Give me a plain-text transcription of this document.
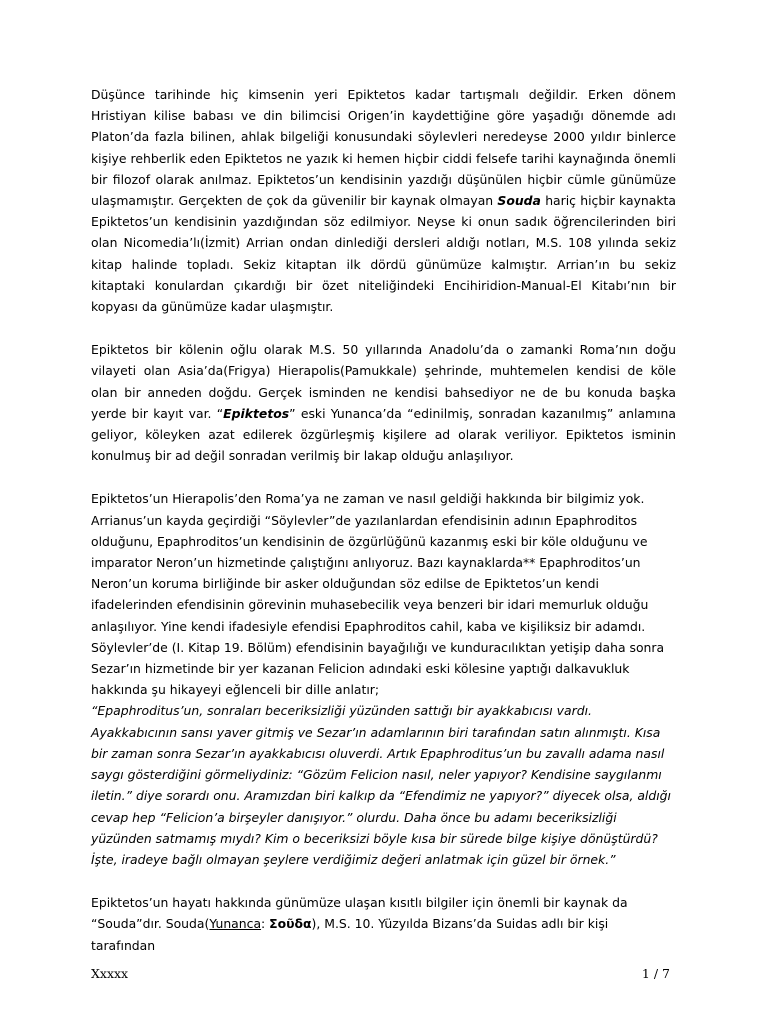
Düşünce tarihinde hiç kimsenin yeri Epiktetos kadar tartışmalı değildir. Erken dönem

Hristiyan kilise babası ve din bilimcisi Origen’in kaydettiğine göre yaşadığı dönemde adı

Platon’da fazla bilinen, ahlak bilgeliği konusundaki söylevleri neredeyse 2000 yıldır binlerce

kişiye rehberlik eden Epiktetos ne yazık ki hemen hiçbir ciddi felsefe tarihi kaynağında önemli

bir filozof olarak anılmaz. Epiktetos’un kendisinin yazdığı düşünülen hiçbir cümle günümüze

ulaşmamıştır. Gerçekten de çok da güvenilir bir kaynak olmayan Souda hariç hiçbir kaynakta

Epiktetos’un kendisinin yazdığından söz edilmiyor. Neyse ki onun sadık öğrencilerinden biri

olan Nicomedia’lı(İzmit) Arrian ondan dinlediği dersleri aldığı notları, M.S. 108 yılında sekiz

kitap halinde topladı. Sekiz kitaptan ilk dördü günümüze kalmıştır. Arrian’ın bu sekiz

kitaptaki konulardan çıkardığı bir özet niteliğindeki Encihiridion-Manual-El Kitabı’nın bir

kopyası da günümüze kadar ulaşmıştır.

Epiktetos bir kölenin oğlu olarak M.S. 50 yıllarında Anadolu’da o zamanki Roma’nın doğu

vilayeti olan Asia’da(Frigya) Hierapolis(Pamukkale) şehrinde, muhtemelen kendisi de köle

olan bir anneden doğdu. Gerçek isminden ne kendisi bahsediyor ne de bu konuda başka

yerde bir kayıt var. “Epiktetos” eski Yunanca’da “edinilmiş, sonradan kazanılmış” anlamına

geliyor, köleyken azat edilerek özgürleşmiş kişilere ad olarak veriliyor. Epiktetos isminin

konulmuş bir ad değil sonradan verilmiş bir lakap olduğu anlaşılıyor.

Epiktetos’un Hierapolis’den Roma’ya ne zaman ve nasıl geldiği hakkında bir bilgimiz yok.

Arrianus’un kayda geçirdiği “Söylevler”de yazılanlardan efendisinin adının Epaphroditos

olduğunu, Epaphroditos’un kendisinin de özgürlüğünü kazanmış eski bir köle olduğunu ve

imparator Neron’un hizmetinde çalıştığını anlıyoruz. Bazı kaynaklarda** Epaphroditos’un

Neron’un koruma birliğinde bir asker olduğundan söz edilse de Epiktetos’un kendi

ifadelerinden efendisinin görevinin muhasebecilik veya benzeri bir idari memurluk olduğu

anlaşılıyor. Yine kendi ifadesiyle efendisi Epaphroditos cahil, kaba ve kişiliksiz bir adamdı.

Söylevler’de (I. Kitap 19. Bölüm) efendisinin bayağılığı ve kunduracılıktan yetişip daha sonra

Sezar’ın hizmetinde bir yer kazanan Felicion adındaki eski kölesine yaptığı dalkavukluk

hakkında şu hikayeyi eğlenceli bir dille anlatır;

“Epaphroditus’un, sonraları beceriksizliği yüzünden sattığı bir ayakkabıcısı vardı.

Ayakkabıcının sansı yaver gitmiş ve Sezar’ın adamlarının biri tarafından satın alınmıştı. Kısa

bir zaman sonra Sezar’ın ayakkabıcısı oluverdi. Artık Epaphroditus’un bu zavallı adama nasıl

saygı gösterdiğini görmeliydiniz: “Gözüm Felicion nasıl, neler yapıyor? Kendisine saygılanmı

iletin.” diye sorardı onu. Aramızdan biri kalkıp da “Efendimiz ne yapıyor?” diyecek olsa, aldığı

cevap hep “Felicion’a birşeyler danışıyor.” olurdu. Daha önce bu adamı beceriksizliği

yüzünden satmamış mıydı? Kim o beceriksizi böyle kısa bir sürede bilge kişiye dönüştürdü?

İşte, iradeye bağlı olmayan şeylere verdiğimiz değeri anlatmak için güzel bir örnek.”

Epiktetos’un hayatı hakkında günümüze ulaşan kısıtlı bilgiler için önemli bir kaynak da

“Souda”dır. Souda(Yunanca: Σοῦδα), M.S. 10. Yüzyılda Bizans’da Suidas adlı bir kişi tarafından

Xxxxx	1 / 7
